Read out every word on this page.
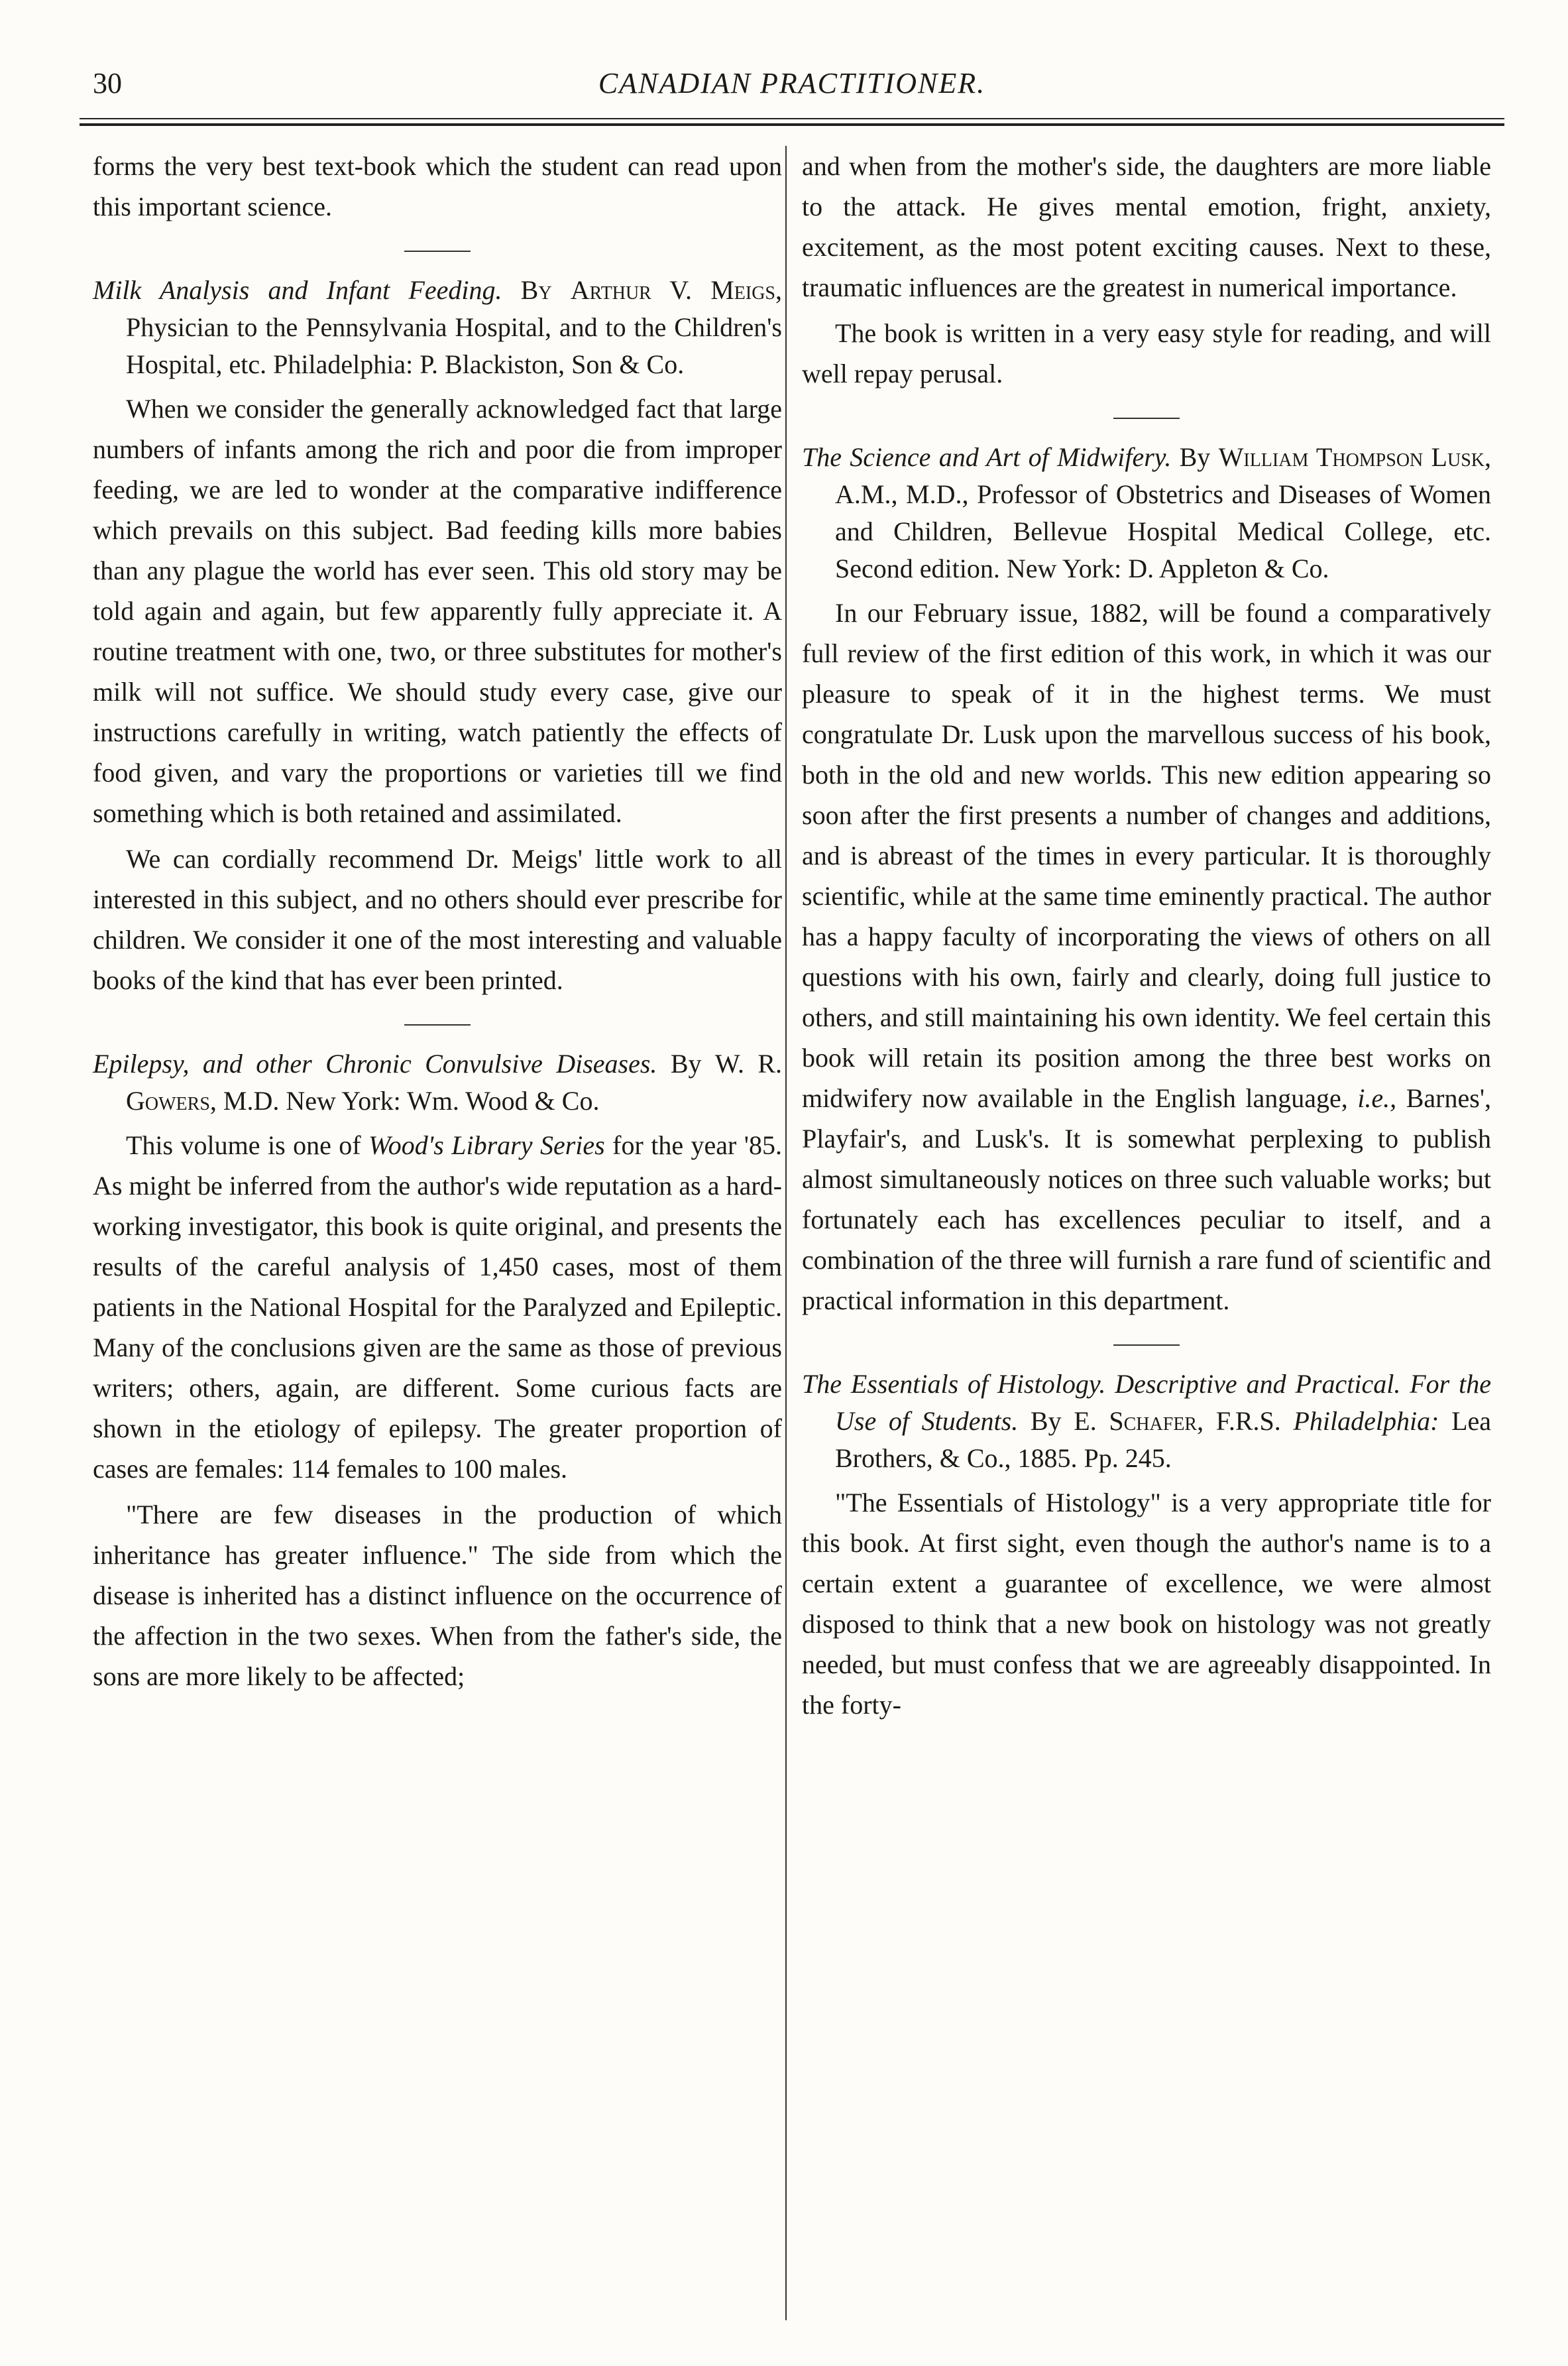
30	CANADIAN PRACTITIONER.

forms the very best text-book which the student can read upon this important science.

Milk Analysis and Infant Feeding. By Arthur V. Meigs, Physician to the Pennsylvania Hospital, and to the Children's Hospital, etc. Philadelphia: P. Blackiston, Son & Co.

When we consider the generally acknowledged fact that large numbers of infants among the rich and poor die from improper feeding, we are led to wonder at the comparative indifference which prevails on this subject. Bad feeding kills more babies than any plague the world has ever seen. This old story may be told again and again, but few apparently fully appreciate it. A routine treatment with one, two, or three substitutes for mother's milk will not suffice. We should study every case, give our instructions carefully in writing, watch patiently the effects of food given, and vary the proportions or varieties till we find something which is both retained and assimilated.

We can cordially recommend Dr. Meigs' little work to all interested in this subject, and no others should ever prescribe for children. We consider it one of the most interesting and valuable books of the kind that has ever been printed.

Epilepsy, and other Chronic Convulsive Diseases. By W. R. Gowers, M.D. New York: Wm. Wood & Co.

This volume is one of Wood's Library Series for the year '85. As might be inferred from the author's wide reputation as a hard-working investigator, this book is quite original, and presents the results of the careful analysis of 1,450 cases, most of them patients in the National Hospital for the Paralyzed and Epileptic. Many of the conclusions given are the same as those of previous writers; others, again, are different. Some curious facts are shown in the etiology of epilepsy. The greater proportion of cases are females: 114 females to 100 males.

"There are few diseases in the production of which inheritance has greater influence." The side from which the disease is inherited has a distinct influence on the occurrence of the affection in the two sexes. When from the father's side, the sons are more likely to be affected;

and when from the mother's side, the daughters are more liable to the attack. He gives mental emotion, fright, anxiety, excitement, as the most potent exciting causes. Next to these, traumatic influences are the greatest in numerical importance.

The book is written in a very easy style for reading, and will well repay perusal.

The Science and Art of Midwifery. By William Thompson Lusk, A.M., M.D., Professor of Obstetrics and Diseases of Women and Children, Bellevue Hospital Medical College, etc. Second edition. New York: D. Appleton & Co.

In our February issue, 1882, will be found a comparatively full review of the first edition of this work, in which it was our pleasure to speak of it in the highest terms. We must congratulate Dr. Lusk upon the marvellous success of his book, both in the old and new worlds. This new edition appearing so soon after the first presents a number of changes and additions, and is abreast of the times in every particular. It is thoroughly scientific, while at the same time eminently practical. The author has a happy faculty of incorporating the views of others on all questions with his own, fairly and clearly, doing full justice to others, and still maintaining his own identity. We feel certain this book will retain its position among the three best works on midwifery now available in the English language, i.e., Barnes', Playfair's, and Lusk's. It is somewhat perplexing to publish almost simultaneously notices on three such valuable works; but fortunately each has excellences peculiar to itself, and a combination of the three will furnish a rare fund of scientific and practical information in this department.

The Essentials of Histology. Descriptive and Practical. For the Use of Students. By E. Schafer, F.R.S. Philadelphia: Lea Brothers, & Co., 1885. Pp. 245.

"The Essentials of Histology" is a very appropriate title for this book. At first sight, even though the author's name is to a certain extent a guarantee of excellence, we were almost disposed to think that a new book on histology was not greatly needed, but must confess that we are agreeably disappointed. In the forty-
